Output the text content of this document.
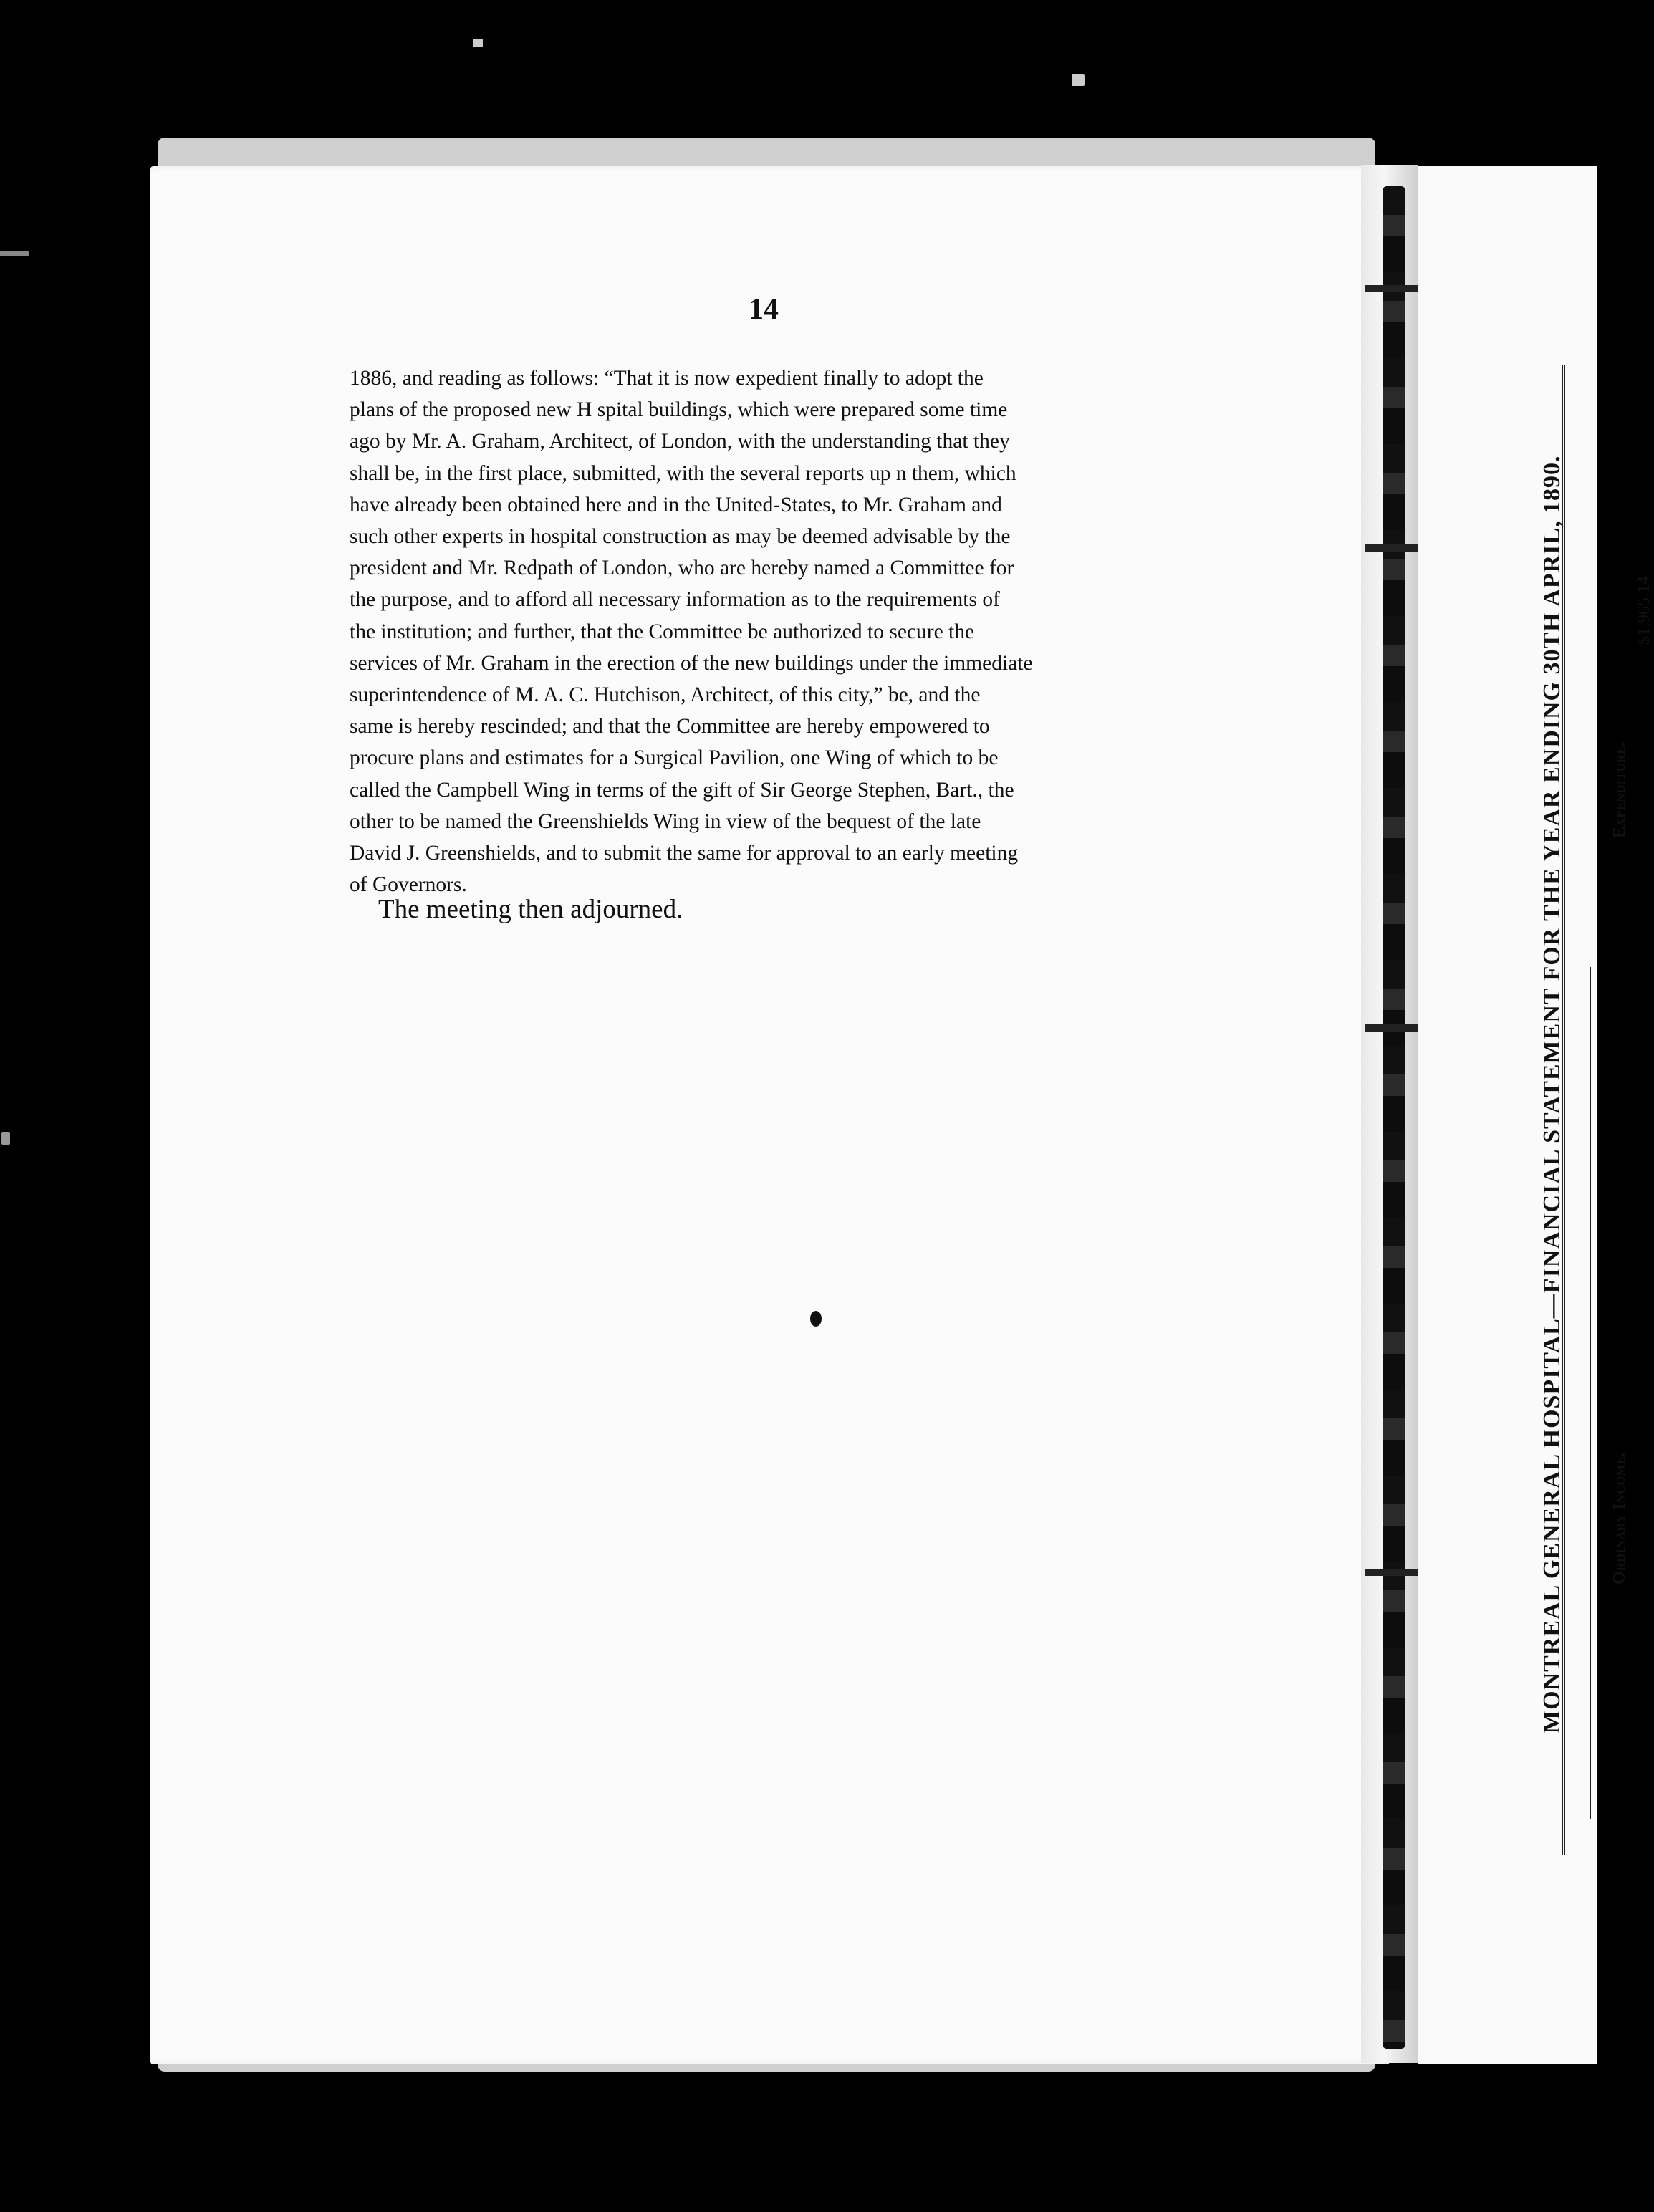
14
1886, and reading as follows: “That it is now expedient finally to adopt the
plans of the proposed new H spital buildings, which were prepared some time
ago by Mr. A. Graham, Architect, of London, with the understanding that they
shall be, in the first place, submitted, with the several reports up n them, which
have already been obtained here and in the United-States, to Mr. Graham and
such other experts in hospital construction as may be deemed advisable by the
president and Mr. Redpath of London, who are hereby named a Committee for
the purpose, and to afford all necessary information as to the requirements of
the institution; and further, that the Committee be authorized to secure the
services of Mr. Graham in the erection of the new buildings under the immediate
superintendence of M. A. C. Hutchison, Architect, of this city,” be, and the
same is hereby rescinded; and that the Committee are hereby empowered to
procure plans and estimates for a Surgical Pavilion, one Wing of which to be
called the Campbell Wing in terms of the gift of Sir George Stephen, Bart., the
other to be named the Greenshields Wing in view of the bequest of the late
David J. Greenshields, and to submit the same for approval to an early meeting
of Governors.

The meeting then adjourned.	MONTREAL GENERAL HOSPITAL—FINANCIAL STATEMENT FOR THE YEAR ENDING 30TH APRIL, 1890.	Ordinary Income.
Expenditure.
$1,965.14
